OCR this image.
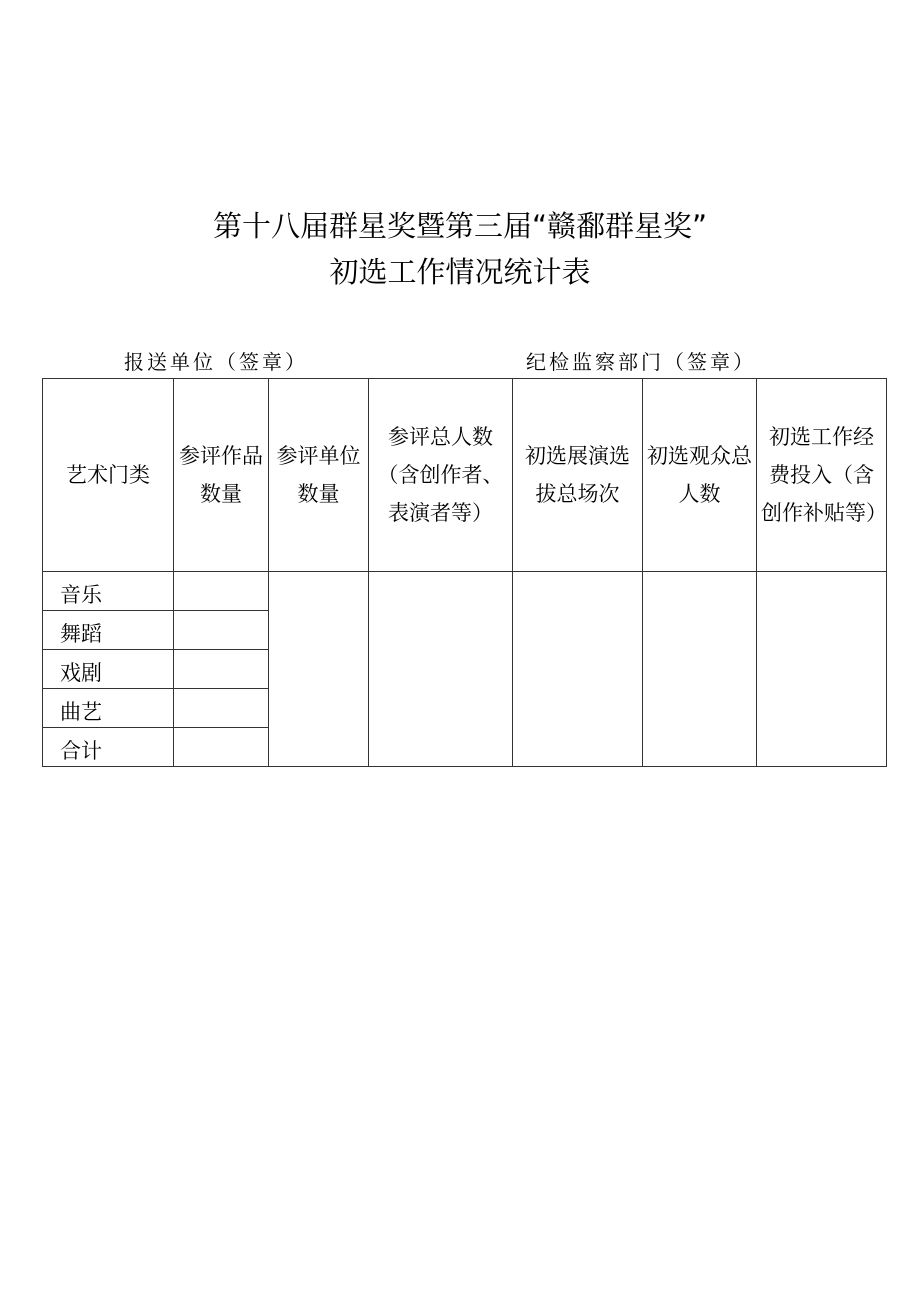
第十八届群星奖暨第三届“赣鄱群星奖”
初选工作情况统计表
报送单位（签章）	纪检监察部门（签章）
艺术门类	参评作品数量	参评单位数量	参评总人数（含创作者、表演者等）	初选展演选拔总场次	初选观众总人数	初选工作经费投入（含创作补贴等）

音乐						
舞蹈						
戏剧						
曲艺						
合计						
